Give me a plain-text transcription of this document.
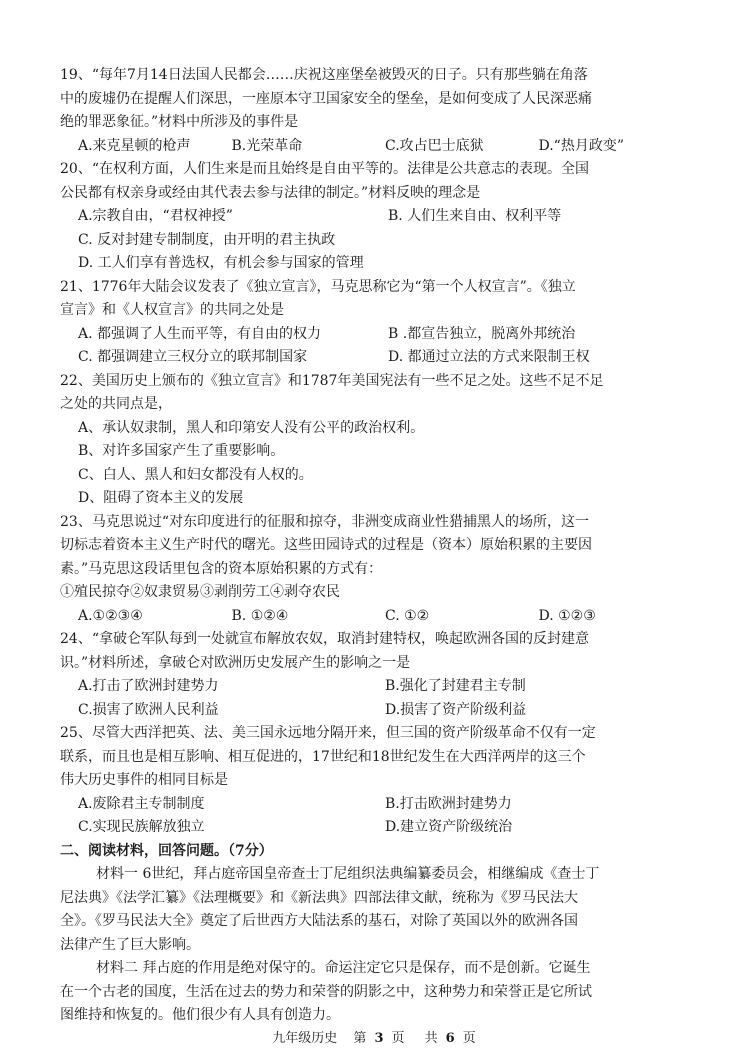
19、“每年7月14日法国人民都会……庆祝这座堡垒被毁灭的日子。只有那些躺在角落
中的废墟仍在提醒人们深思，一座原本守卫国家安全的堡垒，是如何变成了人民深恶痛
绝的罪恶象征。”材料中所涉及的事件是
A.来克星顿的枪声	B.光荣革命	C.攻占巴士底狱	D.“热月政变”
20、“在权利方面，人们生来是而且始终是自由平等的。法律是公共意志的表现。全国
公民都有权亲身或经由其代表去参与法律的制定。”材料反映的理念是
A.宗教自由，“君权神授”	B. 人们生来自由、权利平等
C. 反对封建专制制度，由开明的君主执政
D. 工人们享有普选权，有机会参与国家的管理
21、1776年大陆会议发表了《独立宣言》，马克思称它为“第一个人权宣言”。《独立
宣言》和《人权宣言》的共同之处是
A. 都强调了人生而平等，有自由的权力	B .都宣告独立，脱离外邦统治
C. 都强调建立三权分立的联邦制国家	D. 都通过立法的方式来限制王权
22、美国历史上颁布的《独立宣言》和1787年美国宪法有一些不足之处。这些不足不足
之处的共同点是，
A、承认奴隶制，黑人和印第安人没有公平的政治权利。
B、对许多国家产生了重要影响。
C、白人、黑人和妇女都没有人权的。
D、阻碍了资本主义的发展
23、马克思说过“对东印度进行的征服和掠夺，非洲变成商业性猎捕黑人的场所，这一
切标志着资本主义生产时代的曙光。这些田园诗式的过程是（资本）原始积累的主要因
素。”马克思这段话里包含的资本原始积累的方式有：
①殖民掠夺②奴隶贸易③剥削劳工④剥夺农民
A.①②③④	B. ①②④	C. ①②	D. ①②③
24、“拿破仑军队每到一处就宣布解放农奴，取消封建特权，唤起欧洲各国的反封建意
识。”材料所述，拿破仑对欧洲历史发展产生的影响之一是
A.打击了欧洲封建势力	B.强化了封建君主专制
C.损害了欧洲人民利益	D.损害了资产阶级利益
25、尽管大西洋把英、法、美三国永远地分隔开来，但三国的资产阶级革命不仅有一定
联系，而且也是相互影响、相互促进的，17世纪和18世纪发生在大西洋两岸的这三个
伟大历史事件的相同目标是
A.废除君主专制制度	B.打击欧洲封建势力
C.实现民族解放独立	D.建立资产阶级统治
二、阅读材料，回答问题。（7分）
材料一 6世纪，拜占庭帝国皇帝查士丁尼组织法典编纂委员会，相继编成《查士丁
尼法典》《法学汇纂》《法理概要》和《新法典》四部法律文献，统称为《罗马民法大
全》。《罗马民法大全》奠定了后世西方大陆法系的基石，对除了英国以外的欧洲各国
法律产生了巨大影响。
材料二 拜占庭的作用是绝对保守的。命运注定它只是保存，而不是创新。它诞生
在一个古老的国度，生活在过去的势力和荣誉的阴影之中，这种势力和荣誉正是它所试
图维持和恢复的。他们很少有人具有创造力。
九年级历史 第 3 页 共 6 页
